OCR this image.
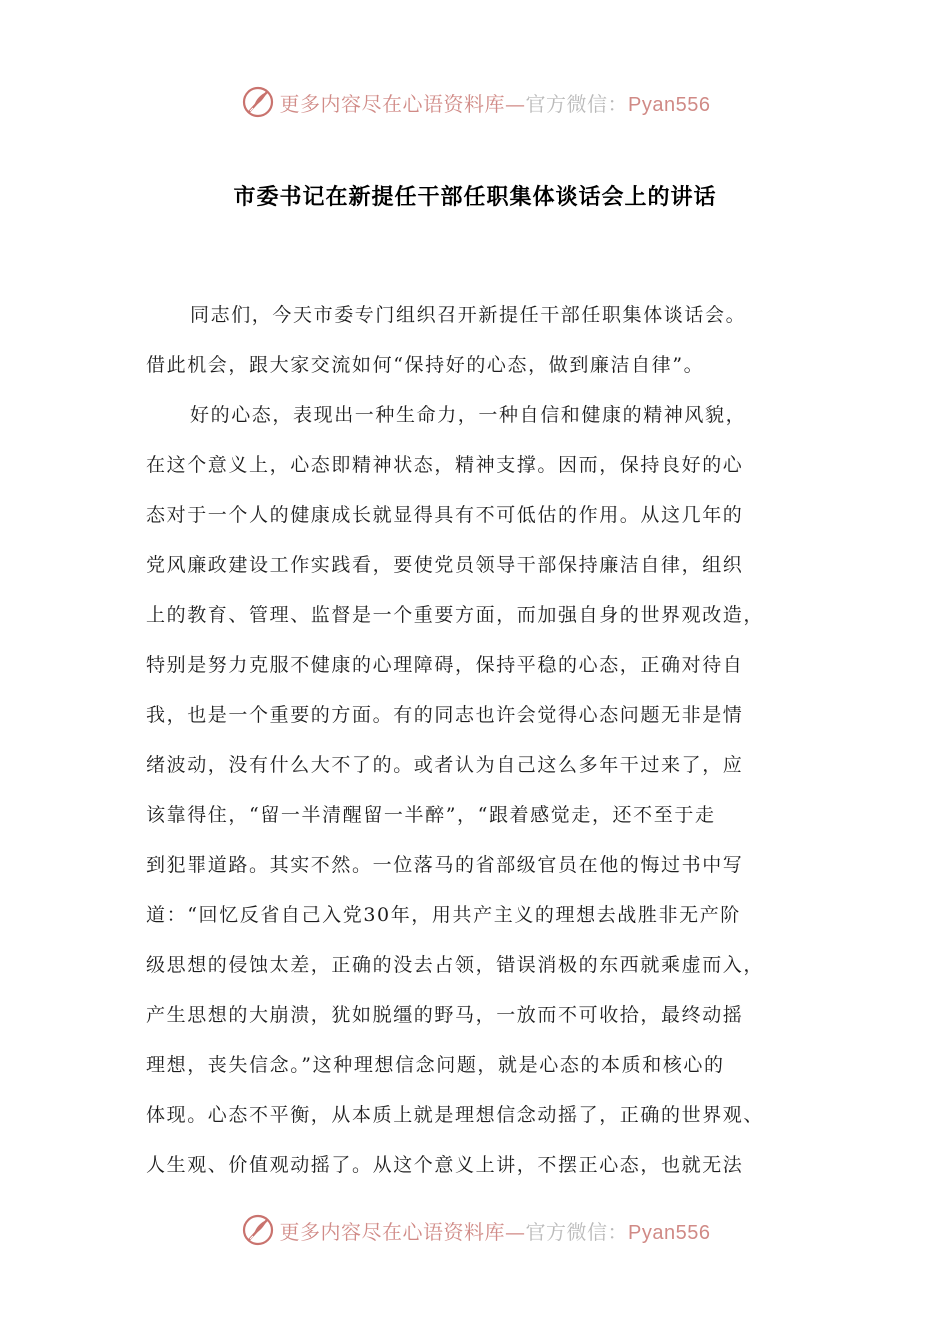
更多内容尽在心语资料库—官方微信：Pyan556
市委书记在新提任干部任职集体谈话会上的讲话
同志们，今天市委专门组织召开新提任干部任职集体谈话会。
借此机会，跟大家交流如何“保持好的心态，做到廉洁自律”。
好的心态，表现出一种生命力，一种自信和健康的精神风貌，
在这个意义上，心态即精神状态，精神支撑。因而，保持良好的心
态对于一个人的健康成长就显得具有不可低估的作用。从这几年的
党风廉政建设工作实践看，要使党员领导干部保持廉洁自律，组织
上的教育、管理、监督是一个重要方面，而加强自身的世界观改造，
特别是努力克服不健康的心理障碍，保持平稳的心态，正确对待自
我，也是一个重要的方面。有的同志也许会觉得心态问题无非是情
绪波动，没有什么大不了的。或者认为自己这么多年干过来了，应
该靠得住，“留一半清醒留一半醉”，“跟着感觉走，还不至于走
到犯罪道路。其实不然。一位落马的省部级官员在他的悔过书中写
道：“回忆反省自己入党30年，用共产主义的理想去战胜非无产阶
级思想的侵蚀太差，正确的没去占领，错误消极的东西就乘虚而入，
产生思想的大崩溃，犹如脱缰的野马，一放而不可收拾，最终动摇
理想，丧失信念。”这种理想信念问题，就是心态的本质和核心的
体现。心态不平衡，从本质上就是理想信念动摇了，正确的世界观、
人生观、价值观动摇了。从这个意义上讲，不摆正心态，也就无法
更多内容尽在心语资料库—官方微信：Pyan556
